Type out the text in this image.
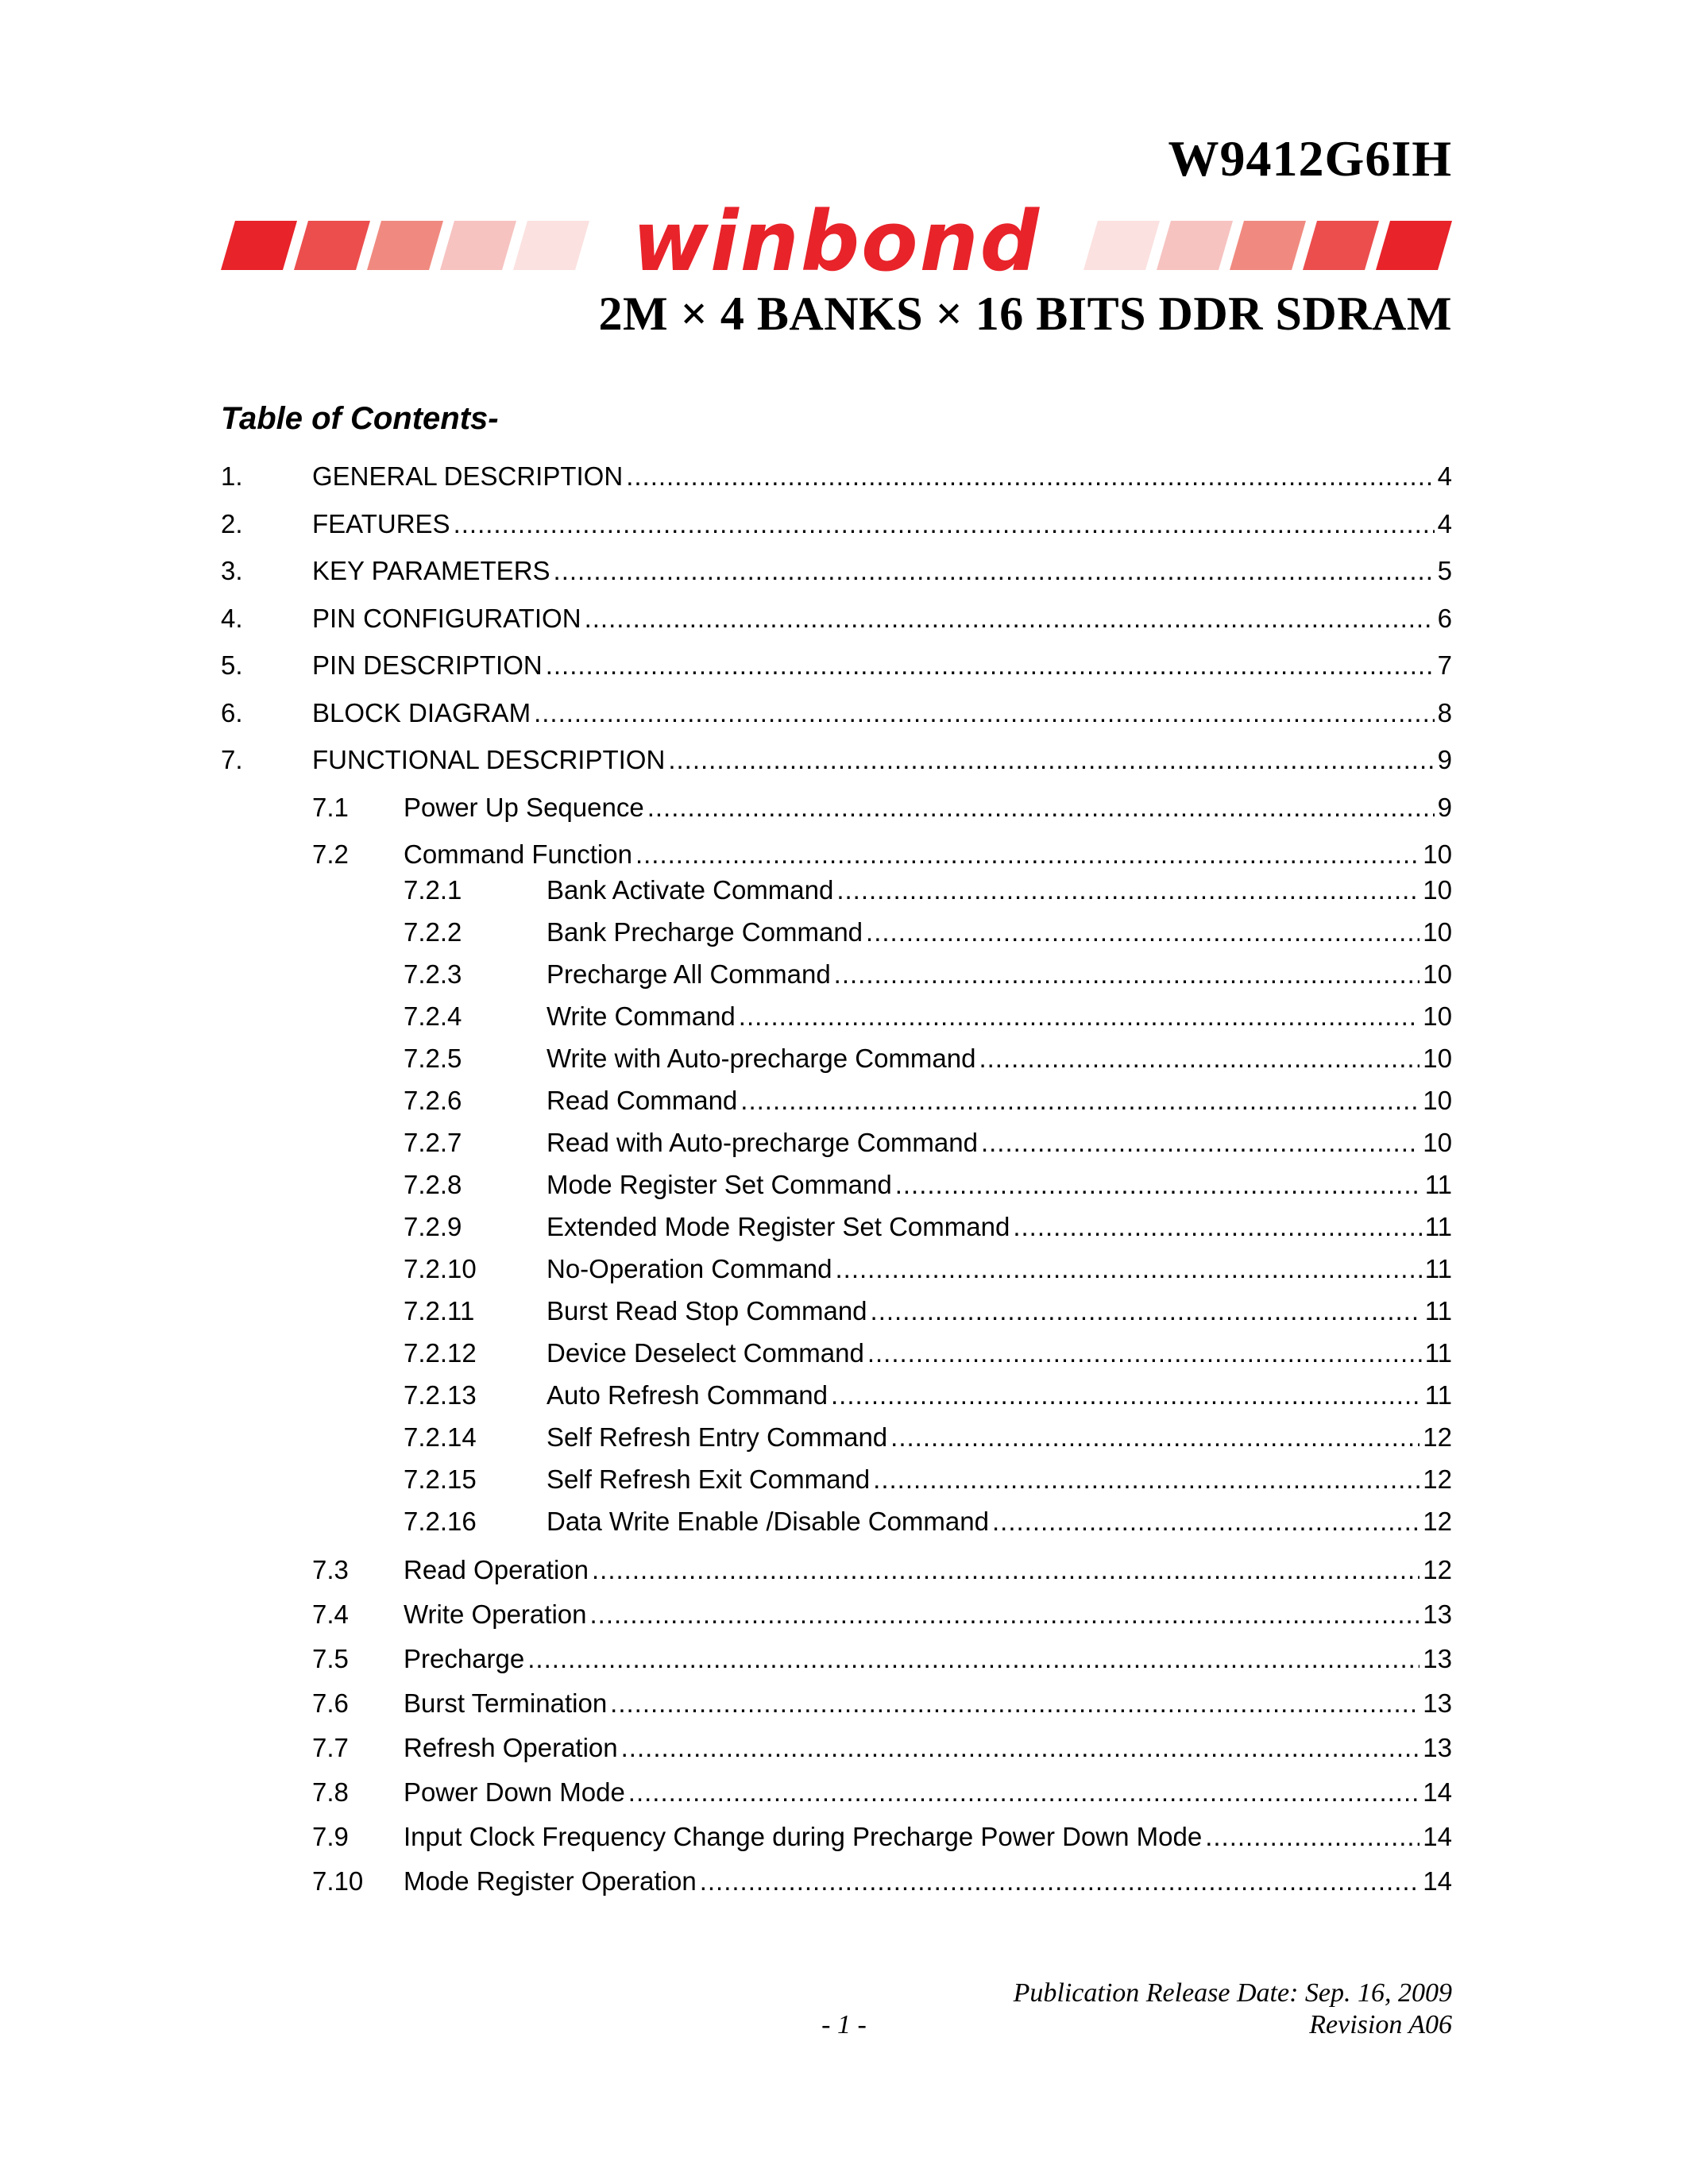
W9412G6IH
winbond
2M × 4 BANKS × 16 BITS DDR SDRAM
Table of Contents-
1.	GENERAL DESCRIPTION .....	4
2.	FEATURES .....	4
3.	KEY PARAMETERS .....	5
4.	PIN CONFIGURATION .....	6
5.	PIN DESCRIPTION .....	7
6.	BLOCK DIAGRAM .....	8
7.	FUNCTIONAL DESCRIPTION .....	9
7.1 Power Up Sequence .....	9
7.2 Command Function .....	10
7.2.1	Bank Activate Command .....	10
7.2.2	Bank Precharge Command .....	10
7.2.3	Precharge All Command .....	10
7.2.4	Write Command .....	10
7.2.5	Write with Auto-precharge Command .....	10
7.2.6	Read Command .....	10
7.2.7	Read with Auto-precharge Command .....	10
7.2.8	Mode Register Set Command .....	11
7.2.9	Extended Mode Register Set Command .....	11
7.2.10	No-Operation Command .....	11
7.2.11	Burst Read Stop Command .....	11
7.2.12	Device Deselect Command .....	11
7.2.13	Auto Refresh Command .....	11
7.2.14	Self Refresh Entry Command .....	12
7.2.15	Self Refresh Exit Command .....	12
7.2.16	Data Write Enable /Disable Command .....	12
7.3 Read Operation .....	12
7.4 Write Operation .....	13
7.5 Precharge .....	13
7.6 Burst Termination .....	13
7.7 Refresh Operation .....	13
7.8 Power Down Mode .....	14
7.9 Input Clock Frequency Change during Precharge Power Down Mode .....	14
7.10 Mode Register Operation .....	14
Publication Release Date: Sep. 16, 2009
- 1 -	Revision A06
